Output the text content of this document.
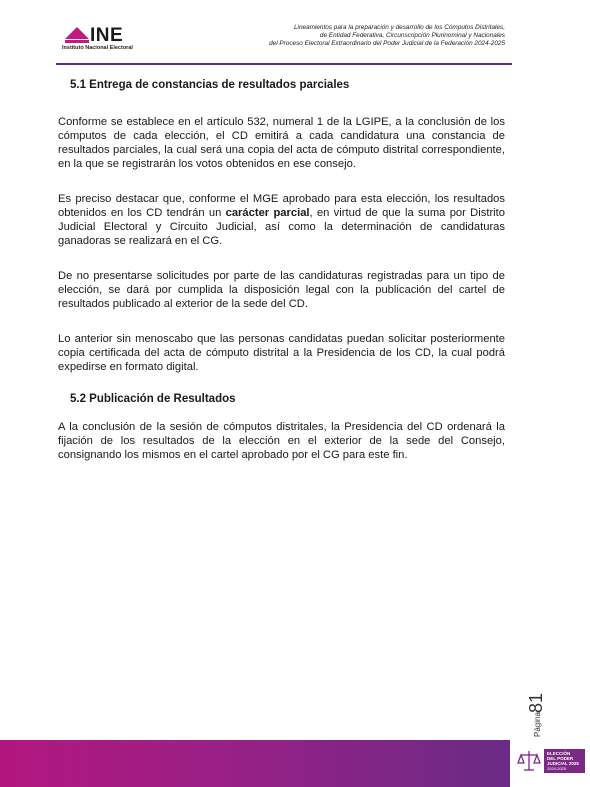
INE
Instituto Nacional Electoral
Lineamientos para la preparación y desarrollo de los Cómputos Distritales,
de Entidad Federativa, Circunscripción Plurinominal y Nacionales
del Proceso Electoral Extraordinario del Poder Judicial de la Federación 2024-2025
5.1 Entrega de constancias de resultados parciales

Conforme se establece en el artículo 532, numeral 1 de la LGIPE, a la conclusión de los cómputos de cada elección, el CD emitirá a cada candidatura una constancia de resultados parciales, la cual será una copia del acta de cómputo distrital correspondiente, en la que se registrarán los votos obtenidos en ese consejo.

Es preciso destacar que, conforme el MGE aprobado para esta elección, los resultados obtenidos en los CD tendrán un carácter parcial, en virtud de que la suma por Distrito Judicial Electoral y Circuito Judicial, así como la determinación de candidaturas ganadoras se realizará en el CG.

De no presentarse solicitudes por parte de las candidaturas registradas para un tipo de elección, se dará por cumplida la disposición legal con la publicación del cartel de resultados publicado al exterior de la sede del CD.

Lo anterior sin menoscabo que las personas candidatas puedan solicitar posteriormente copia certificada del acta de cómputo distrital a la Presidencia de los CD, la cual podrá expedirse en formato digital.

5.2 Publicación de Resultados

A la conclusión de la sesión de cómputos distritales, la Presidencia del CD ordenará la fijación de los resultados de la elección en el exterior de la sede del Consejo, consignando los mismos en el cartel aprobado por el CG para este fin.

Página
81
ELECCIÓN
DEL PODER
JUDICIAL 2025
2024-2025
